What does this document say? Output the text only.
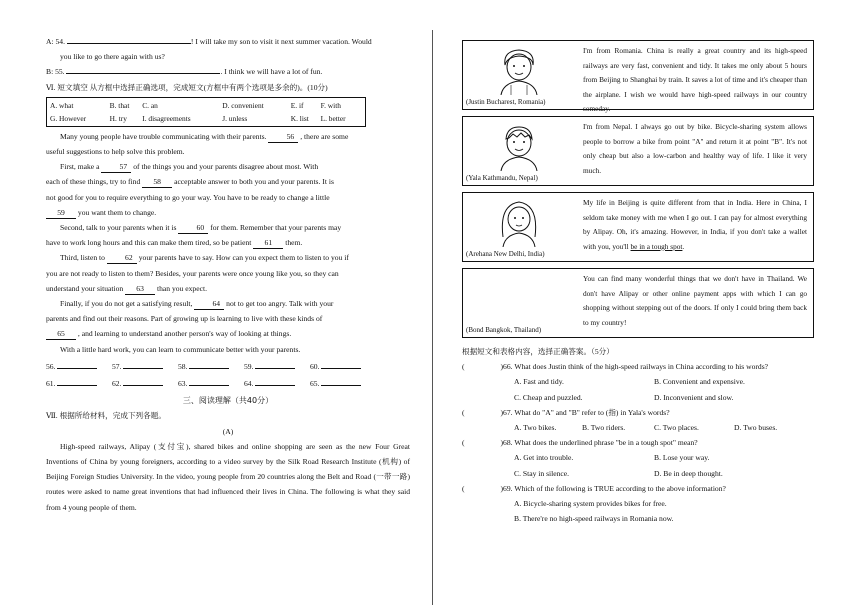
A: 54.	! I will take my son to visit it next summer vacation. Would

you like to go there again with us?

B: 55.	. I think we will have a lot of fun.

Ⅵ. 短文填空 从方框中选择正确选项，完成短文(方框中有两个选项是多余的)。(10分)

A. what	B. that	C. an	D. convenient	E. if	F. with
G. However	H. try	I. disagreements	J. unless	K. list	L. better

Many young people have trouble communicating with their parents. 56 , there are some

useful suggestions to help solve this problem.

First, make a 57 of the things you and your parents disagree about most. With

each of these things, try to find 58 acceptable answer to both you and your parents. It is

not good for you to require everything to go your way. You have to be ready to change a little

59 you want them to change.

Second, talk to your parents when it is 60 for them. Remember that your parents may

have to work long hours and this can make them tired, so be patient 61 them.

Third, listen to 62 your parents have to say. How can you expect them to listen to you if

you are not ready to listen to them? Besides, your parents were once young like you, so they can

understand your situation 63 than you expect.

Finally, if you do not get a satisfying result, 64 not to get too angry. Talk with your

parents and find out their reasons. Part of growing up is learning to live with these kinds of

65 , and learning to understand another person's way of looking at things.

With a little hard work, you can learn to communicate better with your parents.

56.	57.	58.	59.	60.
61.	62.	63.	64.	65.

三、阅读理解（共40分）

Ⅶ. 根据所给材料，完成下列各题。

(A)

High-speed railways, Alipay (支付宝), shared bikes and online shopping are seen as the new Four Great Inventions of China by young foreigners, according to a video survey by the Silk Road Research Institute (机构) of Beijing Foreign Studies University. In the video, young people from 20 countries along the Belt and Road (一带一路) routes were asked to name great inventions that had influenced their lives in China. The following is what they said from 4 young people of them.

(Justin Bucharest, Romania)
I'm from Romania. China is really a great country and its high-speed railways are very fast, convenient and tidy. It takes me only about 5 hours from Beijing to Shanghai by train. It saves a lot of time and it's cheaper than the airplane. I wish we would have high-speed railways in our country someday.
(Yala Kathmandu, Nepal)
I'm from Nepal. I always go out by bike. Bicycle-sharing system allows people to borrow a bike from point "A" and return it at point "B". It's not only cheap but also a low-carbon and healthy way of life. I like it very much.
(Arehana New Delhi, India)
My life in Beijing is quite different from that in India. Here in China, I seldom take money with me when I go out. I can pay for almost everything by Alipay. Oh, it's amazing. However, in India, if you don't take a wallet with you, you'll be in a tough spot.
(Bond Bangkok, Thailand)
You can find many wonderful things that we don't have in Thailand. We don't have Alipay or other online payment apps with which I can go shopping without stepping out of the doors. If only I could bring them back to my country!

根据短文和表格内容，选择正确答案。（5分）

(	)66. What does Justin think of the high-speed railways in China according to his words?

A. Fast and tidy.	B. Convenient and expensive.
C. Cheap and puzzled.	D. Inconvenient and slow.

(	)67. What do "A" and "B" refer to (指) in Yala's words?

A. Two bikes.	B. Two riders.	C. Two places.	D. Two buses.

(	)68. What does the underlined phrase "be in a tough spot" mean?

A. Get into trouble.	B. Lose your way.
C. Stay in silence.	D. Be in deep thought.

(	)69. Which of the following is TRUE according to the above information?

A. Bicycle-sharing system provides bikes for free.
B. There're no high-speed railways in Romania now.
